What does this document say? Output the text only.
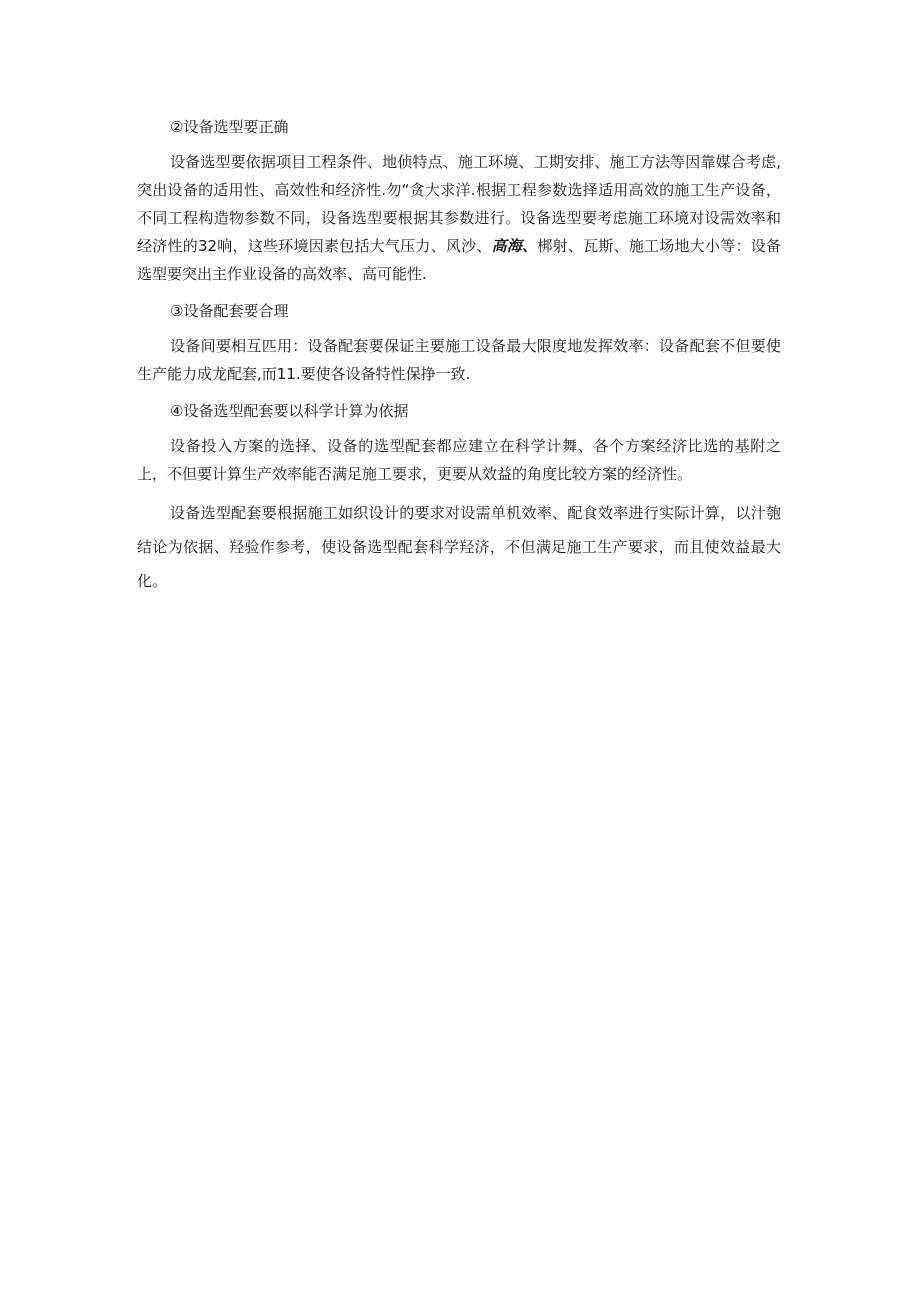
②设备选型要正确

设备选型要依据项目工程条件、地侦特点、施工环境、工期安排、施工方法等因靠媒合考虑,突出设备的适用性、高效性和经济性.勿“贪大求洋.根据工程参数选择适用高效的施工生产设备，不同工程构造物参数不同，设备选型要根据其参数进行。设备选型要考虑施工环境对设需效率和经济性的32响，这些环境因素包括大气压力、风沙、高海、梆射、瓦斯、施工场地大小等：设备选型要突出主作业设备的高效率、高可能性.

③设备配套要合理

设备间要相互匹用：设备配套要保证主要施工设备最大限度地发挥效率：设备配套不但要使生产能力成龙配套,而11.要使各设备特性保挣一致.

④设备选型配套要以科学计算为依据

设备投入方案的选择、设备的选型配套都应建立在科学计舞、各个方案经济比选的基附之上，不但要计算生产效率能否满足施工要求，更要从效益的角度比较方案的经济性。

设备选型配套要根据施工如织设计的要求对设需单机效率、配食效率进行实际计算，以汁匏结论为依据、羟验作参考，使设备选型配套科学羟济，不但满足施工生产要求，而且使效益最大化。
